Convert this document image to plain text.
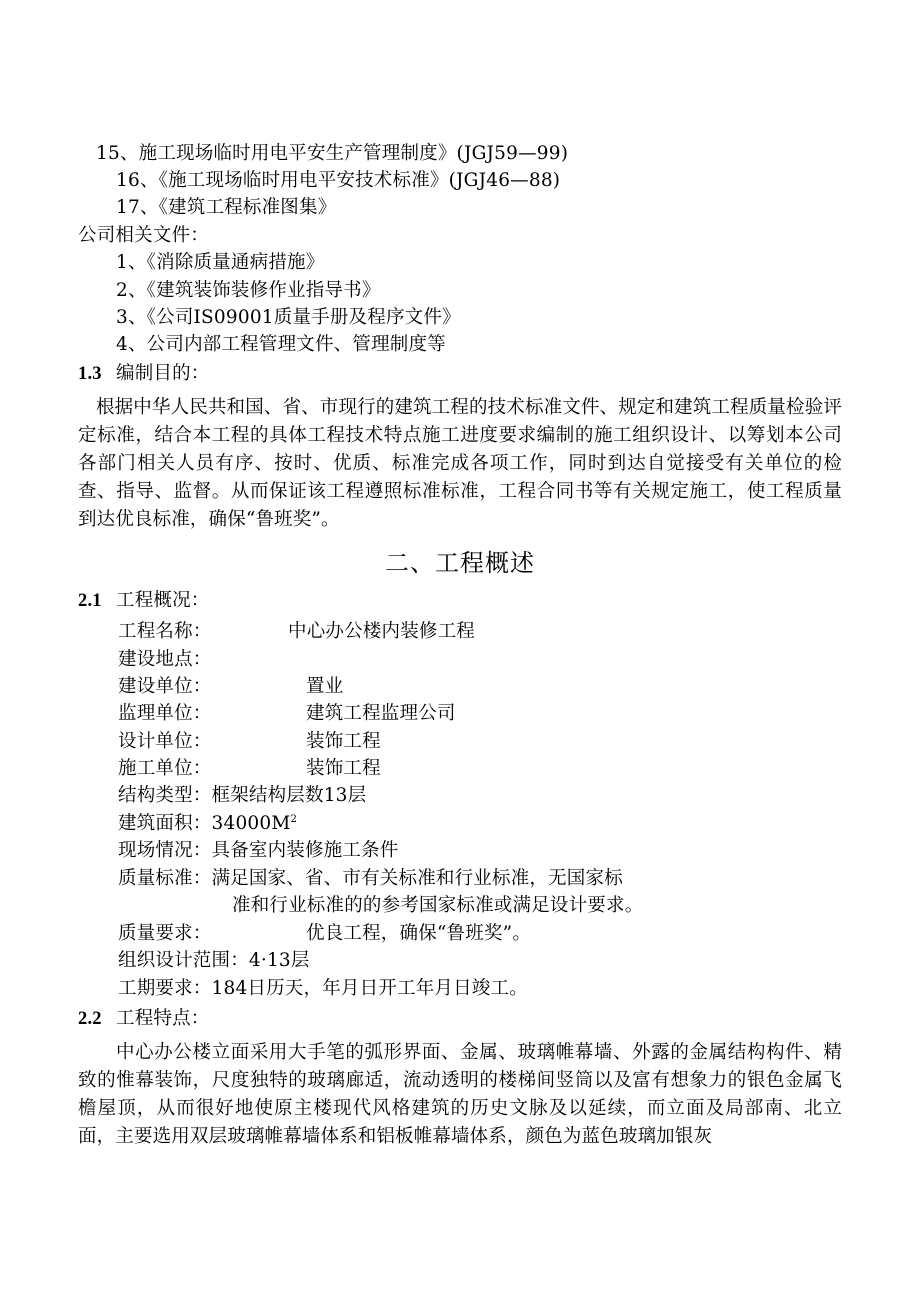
15、施工现场临时用电平安生产管理制度》(JGJ59—99)
16、《施工现场临时用电平安技术标准》(JGJ46—88)
17、《建筑工程标准图集》
公司相关文件：
1、《消除质量通病措施》
2、《建筑装饰装修作业指导书》
3、《公司IS09001质量手册及程序文件》
4、公司内部工程管理文件、管理制度等
1.3 编制目的：
根据中华人民共和国、省、市现行的建筑工程的技术标准文件、规定和建筑工程质量检验评定标准，结合本工程的具体工程技术特点施工进度要求编制的施工组织设计、以筹划本公司各部门相关人员有序、按时、优质、标准完成各项工作，同时到达自觉接受有关单位的检查、指导、监督。从而保证该工程遵照标准标准，工程合同书等有关规定施工，使工程质量到达优良标准，确保“鲁班奖”。
二、工程概述
2.1 工程概况：
工程名称：	中心办公楼内装修工程
建设地点：
建设单位：	置业
监理单位：	建筑工程监理公司
设计单位：	装饰工程
施工单位：	装饰工程
结构类型：框架结构层数13层
建筑面积：$34000M^2$
现场情况：具备室内装修施工条件
质量标准：满足国家、省、市有关标准和行业标准，无国家标
准和行业标准的的参考国家标准或满足设计要求。
质量要求：	优良工程，确保“鲁班奖”。
组织设计范围：4·13层
工期要求：184日历天，年月日开工年月日竣工。
2.2 工程特点：
中心办公楼立面采用大手笔的弧形界面、金属、玻璃帷幕墙、外露的金属结构构件、精致的惟幕装饰，尺度独特的玻璃廊适，流动透明的楼梯间竖筒以及富有想象力的银色金属飞檐屋顶，从而很好地使原主楼现代风格建筑的历史文脉及以延续，而立面及局部南、北立面，主要选用双层玻璃帷幕墙体系和铝板帷幕墙体系，颜色为蓝色玻璃加银灰
